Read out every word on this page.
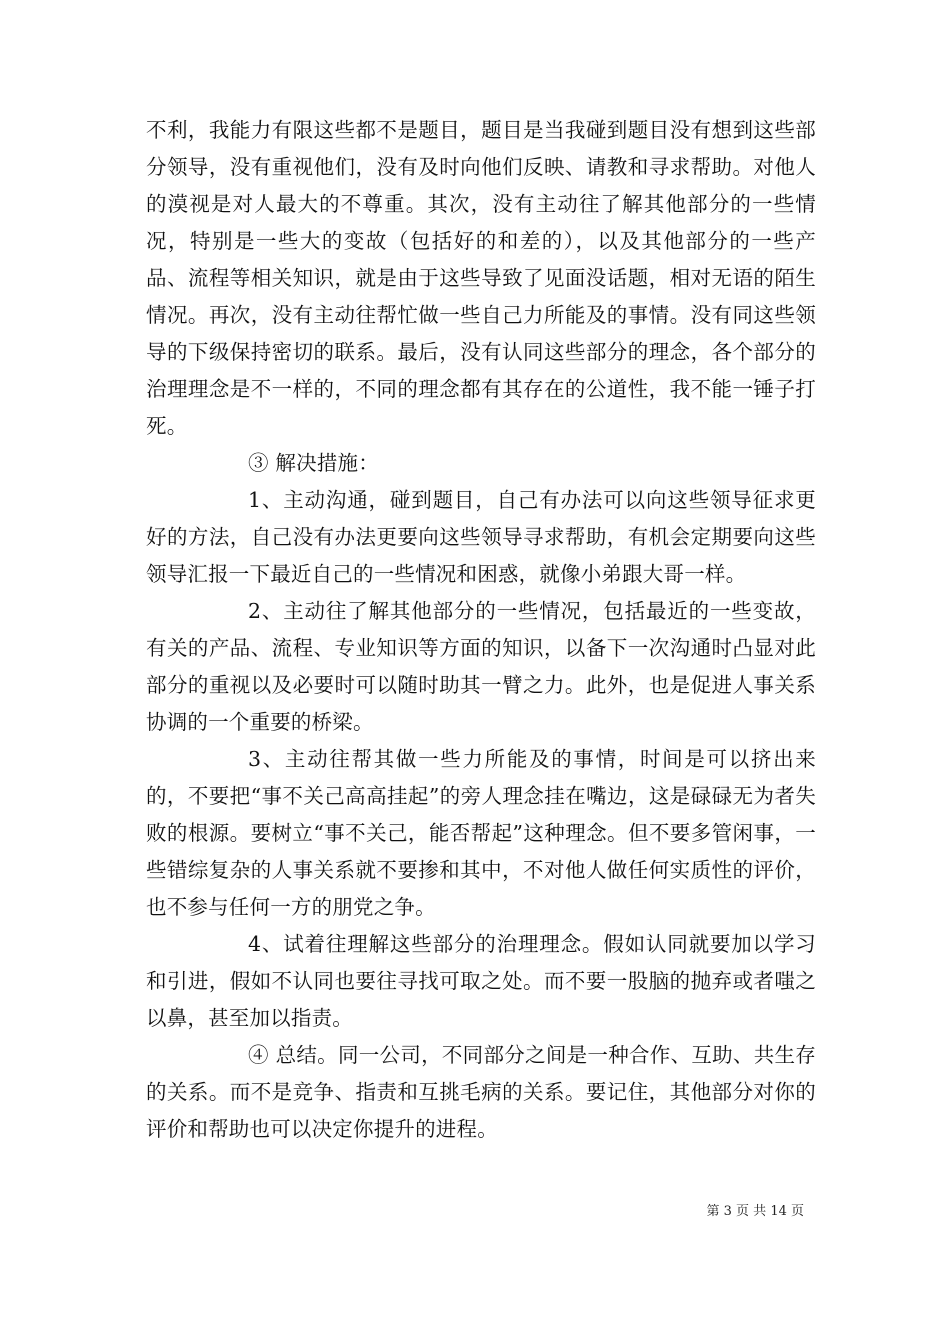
不利，我能力有限这些都不是题目，题目是当我碰到题目没有想到这些部分领导，没有重视他们，没有及时向他们反映、请教和寻求帮助。对他人的漠视是对人最大的不尊重。其次，没有主动往了解其他部分的一些情况，特别是一些大的变故（包括好的和差的），以及其他部分的一些产品、流程等相关知识，就是由于这些导致了见面没话题，相对无语的陌生情况。再次，没有主动往帮忙做一些自己力所能及的事情。没有同这些领导的下级保持密切的联系。最后，没有认同这些部分的理念，各个部分的治理理念是不一样的，不同的理念都有其存在的公道性，我不能一锤子打死。

③ 解决措施：

1、主动沟通，碰到题目，自己有办法可以向这些领导征求更好的方法，自己没有办法更要向这些领导寻求帮助，有机会定期要向这些领导汇报一下最近自己的一些情况和困惑，就像小弟跟大哥一样。

2、主动往了解其他部分的一些情况，包括最近的一些变故，有关的产品、流程、专业知识等方面的知识，以备下一次沟通时凸显对此部分的重视以及必要时可以随时助其一臂之力。此外，也是促进人事关系协调的一个重要的桥梁。

3、主动往帮其做一些力所能及的事情，时间是可以挤出来的，不要把“事不关己高高挂起”的旁人理念挂在嘴边，这是碌碌无为者失败的根源。要树立“事不关己，能否帮起”这种理念。但不要多管闲事，一些错综复杂的人事关系就不要掺和其中，不对他人做任何实质性的评价，也不参与任何一方的朋党之争。

4、试着往理解这些部分的治理理念。假如认同就要加以学习和引进，假如不认同也要往寻找可取之处。而不要一股脑的抛弃或者嗤之以鼻，甚至加以指责。

④ 总结。同一公司，不同部分之间是一种合作、互助、共生存的关系。而不是竞争、指责和互挑毛病的关系。要记住，其他部分对你的评价和帮助也可以决定你提升的进程。

第 3 页 共 14 页
